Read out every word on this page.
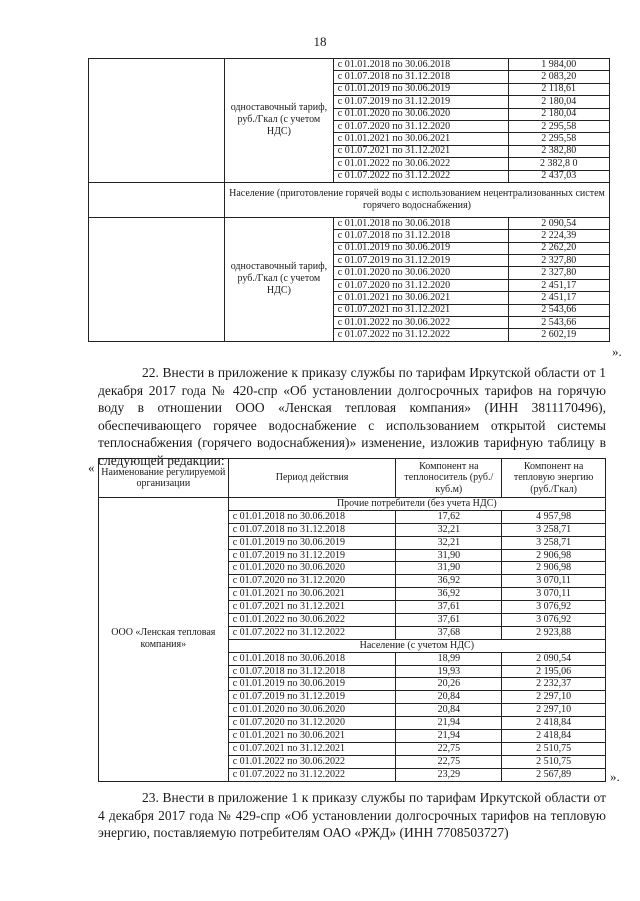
18
	одноставочный тариф, руб./Гкал (с учетом НДС)	с 01.01.2018 по 30.06.2018	1 984,00
		с 01.07.2018 по 31.12.2018	2 083,20
		с 01.01.2019 по 30.06.2019	2 118,61
		с 01.07.2019 по 31.12.2019	2 180,04
		с 01.01.2020 по 30.06.2020	2 180,04
		с 01.07.2020 по 31.12.2020	2 295,58
		с 01.01.2021 по 30.06.2021	2 295,58
		с 01.07.2021 по 31.12.2021	2 382,80
		с 01.01.2022 по 30.06.2022	2 382,8 0
		с 01.07.2022 по 31.12.2022	2 437,03
	Население (приготовление горячей воды с использованием нецентрализованных систем горячего водоснабжения)		
	одноставочный тариф, руб./Гкал (с учетом НДС)	с 01.01.2018 по 30.06.2018	2 090,54
		с 01.07.2018 по 31.12.2018	2 224,39
		с 01.01.2019 по 30.06.2019	2 262,20
		с 01.07.2019 по 31.12.2019	2 327,80
		с 01.01.2020 по 30.06.2020	2 327,80
		с 01.07.2020 по 31.12.2020	2 451,17
		с 01.01.2021 по 30.06.2021	2 451,17
		с 01.07.2021 по 31.12.2021	2 543,66
		с 01.01.2022 по 30.06.2022	2 543,66
		с 01.07.2022 по 31.12.2022	2 602,19
».
22. Внести в приложение к приказу службы по тарифам Иркутской области от 1 декабря 2017 года № 420-спр «Об установлении долгосрочных тарифов на горячую воду в отношении ООО «Ленская тепловая компания» (ИНН 3811170496), обеспечивающего горячее водоснабжение с использованием открытой системы теплоснабжения (горячего водоснабжения)» изменение, изложив тарифную таблицу в следующей редакции:
« Наименование регулируемой организации	Период действия	Компонент на теплоноситель (руб./куб.м)	Компонент на тепловую энергию (руб./Гкал)
ООО «Ленская тепловая компания»	Прочие потребители (без учета НДС)		
	с 01.01.2018 по 30.06.2018	17,62	4 957,98
	с 01.07.2018 по 31.12.2018	32,21	3 258,71
	с 01.01.2019 по 30.06.2019	32,21	3 258,71
	с 01.07.2019 по 31.12.2019	31,90	2 906,98
	с 01.01.2020 по 30.06.2020	31,90	2 906,98
	с 01.07.2020 по 31.12.2020	36,92	3 070,11
	с 01.01.2021 по 30.06.2021	36,92	3 070,11
	с 01.07.2021 по 31.12.2021	37,61	3 076,92
	с 01.01.2022 по 30.06.2022	37,61	3 076,92
	с 01.07.2022 по 31.12.2022	37,68	2 923,88
	Население (с учетом НДС)		
	с 01.01.2018 по 30.06.2018	18,99	2 090,54
	с 01.07.2018 по 31.12.2018	19,93	2 195,06
	с 01.01.2019 по 30.06.2019	20,26	2 232,37
	с 01.07.2019 по 31.12.2019	20,84	2 297,10
	с 01.01.2020 по 30.06.2020	20,84	2 297,10
	с 01.07.2020 по 31.12.2020	21,94	2 418,84
	с 01.01.2021 по 30.06.2021	21,94	2 418,84
	с 01.07.2021 по 31.12.2021	22,75	2 510,75
	с 01.01.2022 по 30.06.2022	22,75	2 510,75
	с 01.07.2022 по 31.12.2022	23,29	2 567,89	».
23. Внести в приложение 1 к приказу службы по тарифам Иркутской области от 4 декабря 2017 года № 429-спр «Об установлении долгосрочных тарифов на тепловую энергию, поставляемую потребителям ОАО «РЖД» (ИНН 7708503727)
